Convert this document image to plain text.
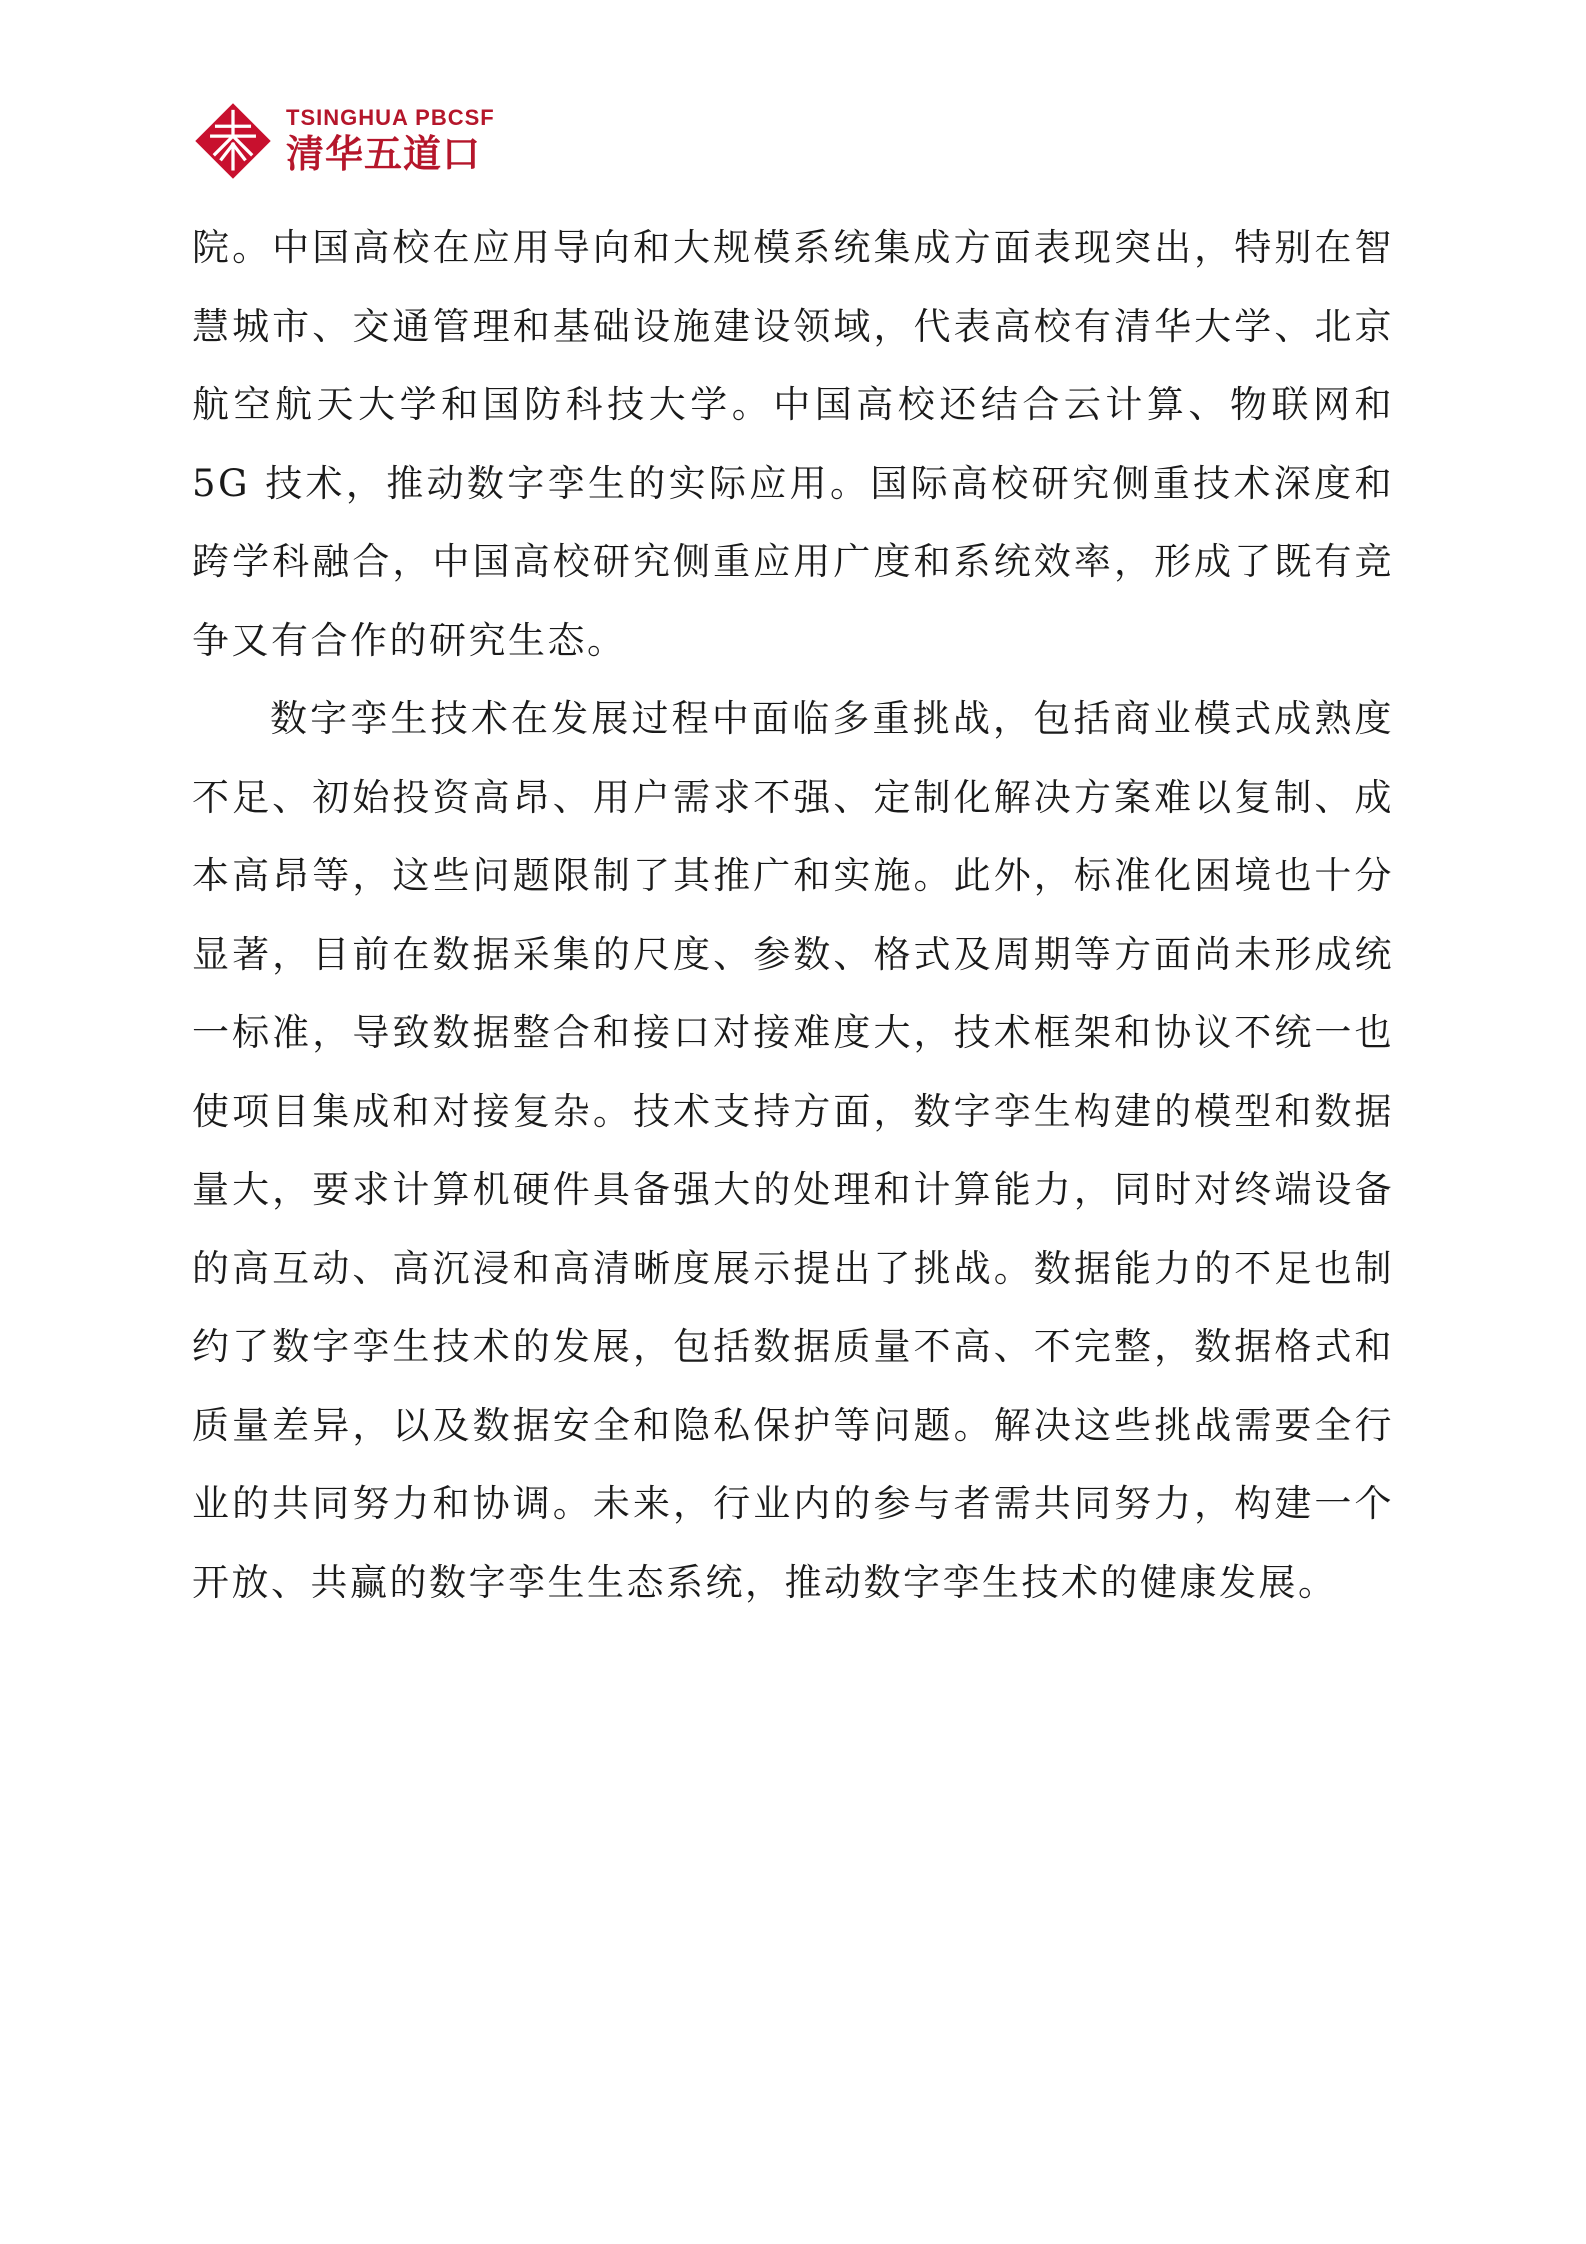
TSINGHUA PBCSF
清华五道口

院。中国高校在应用导向和大规模系统集成方面表现突出，特别在智慧城市、交通管理和基础设施建设领域，代表高校有清华大学、北京航空航天大学和国防科技大学。中国高校还结合云计算、物联网和5G 技术，推动数字孪生的实际应用。国际高校研究侧重技术深度和跨学科融合，中国高校研究侧重应用广度和系统效率，形成了既有竞争又有合作的研究生态。

数字孪生技术在发展过程中面临多重挑战，包括商业模式成熟度不足、初始投资高昂、用户需求不强、定制化解决方案难以复制、成本高昂等，这些问题限制了其推广和实施。此外，标准化困境也十分显著，目前在数据采集的尺度、参数、格式及周期等方面尚未形成统一标准，导致数据整合和接口对接难度大，技术框架和协议不统一也使项目集成和对接复杂。技术支持方面，数字孪生构建的模型和数据量大，要求计算机硬件具备强大的处理和计算能力，同时对终端设备的高互动、高沉浸和高清晰度展示提出了挑战。数据能力的不足也制约了数字孪生技术的发展，包括数据质量不高、不完整，数据格式和质量差异，以及数据安全和隐私保护等问题。解决这些挑战需要全行业的共同努力和协调。未来，行业内的参与者需共同努力，构建一个开放、共赢的数字孪生生态系统，推动数字孪生技术的健康发展。
